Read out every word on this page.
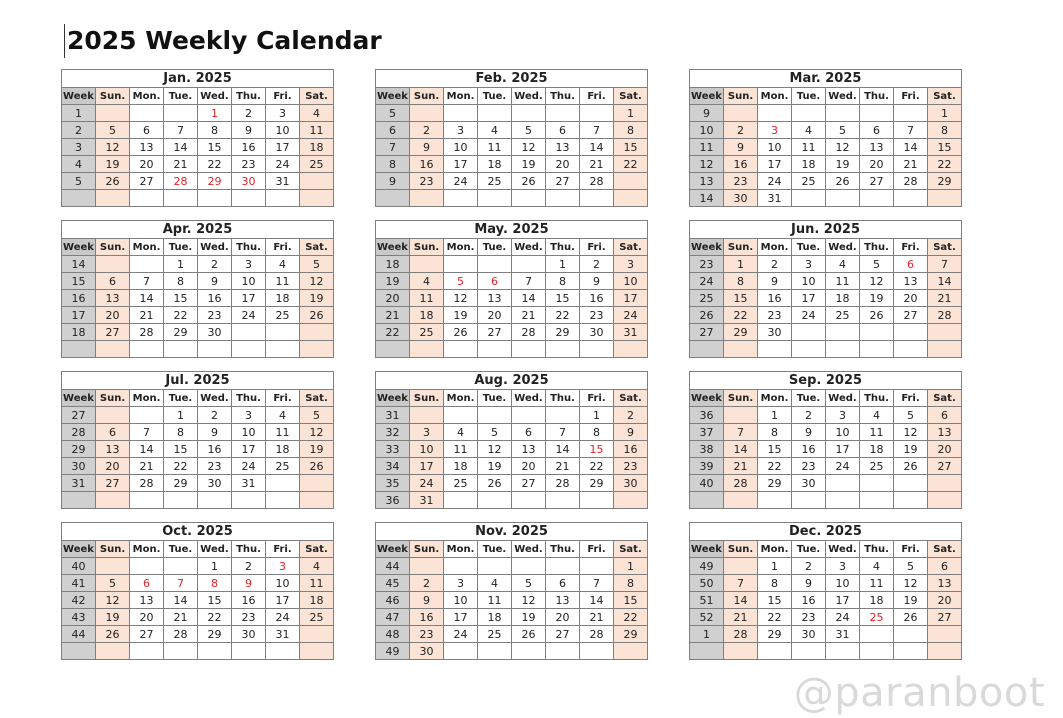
2025 Weekly Calendar
Jan. 2025							
Week	Sun.	Mon.	Tue.	Wed.	Thu.	Fri.	Sat.
1				1	2	3	4
2	5	6	7	8	9	10	11
3	12	13	14	15	16	17	18
4	19	20	21	22	23	24	25
5	26	27	28	29	30	31	

Feb. 2025							
Week	Sun.	Mon.	Tue.	Wed.	Thu.	Fri.	Sat.
5							1
6	2	3	4	5	6	7	8
7	9	10	11	12	13	14	15
8	16	17	18	19	20	21	22
9	23	24	25	26	27	28	

Mar. 2025							
Week	Sun.	Mon.	Tue.	Wed.	Thu.	Fri.	Sat.
9							1
10	2	3	4	5	6	7	8
11	9	10	11	12	13	14	15
12	16	17	18	19	20	21	22
13	23	24	25	26	27	28	29
14	30	31					
Apr. 2025							
Week	Sun.	Mon.	Tue.	Wed.	Thu.	Fri.	Sat.
14			1	2	3	4	5
15	6	7	8	9	10	11	12
16	13	14	15	16	17	18	19
17	20	21	22	23	24	25	26
18	27	28	29	30			

May. 2025							
Week	Sun.	Mon.	Tue.	Wed.	Thu.	Fri.	Sat.
18					1	2	3
19	4	5	6	7	8	9	10
20	11	12	13	14	15	16	17
21	18	19	20	21	22	23	24
22	25	26	27	28	29	30	31

Jun. 2025							
Week	Sun.	Mon.	Tue.	Wed.	Thu.	Fri.	Sat.
23	1	2	3	4	5	6	7
24	8	9	10	11	12	13	14
25	15	16	17	18	19	20	21
26	22	23	24	25	26	27	28
27	29	30					

Jul. 2025							
Week	Sun.	Mon.	Tue.	Wed.	Thu.	Fri.	Sat.
27			1	2	3	4	5
28	6	7	8	9	10	11	12
29	13	14	15	16	17	18	19
30	20	21	22	23	24	25	26
31	27	28	29	30	31		

Aug. 2025							
Week	Sun.	Mon.	Tue.	Wed.	Thu.	Fri.	Sat.
31						1	2
32	3	4	5	6	7	8	9
33	10	11	12	13	14	15	16
34	17	18	19	20	21	22	23
35	24	25	26	27	28	29	30
36	31						
Sep. 2025							
Week	Sun.	Mon.	Tue.	Wed.	Thu.	Fri.	Sat.
36		1	2	3	4	5	6
37	7	8	9	10	11	12	13
38	14	15	16	17	18	19	20
39	21	22	23	24	25	26	27
40	28	29	30				

Oct. 2025							
Week	Sun.	Mon.	Tue.	Wed.	Thu.	Fri.	Sat.
40				1	2	3	4
41	5	6	7	8	9	10	11
42	12	13	14	15	16	17	18
43	19	20	21	22	23	24	25
44	26	27	28	29	30	31	

Nov. 2025							
Week	Sun.	Mon.	Tue.	Wed.	Thu.	Fri.	Sat.
44							1
45	2	3	4	5	6	7	8
46	9	10	11	12	13	14	15
47	16	17	18	19	20	21	22
48	23	24	25	26	27	28	29
49	30						
Dec. 2025							
Week	Sun.	Mon.	Tue.	Wed.	Thu.	Fri.	Sat.
49		1	2	3	4	5	6
50	7	8	9	10	11	12	13
51	14	15	16	17	18	19	20
52	21	22	23	24	25	26	27
1	28	29	30	31			

@paranboot
